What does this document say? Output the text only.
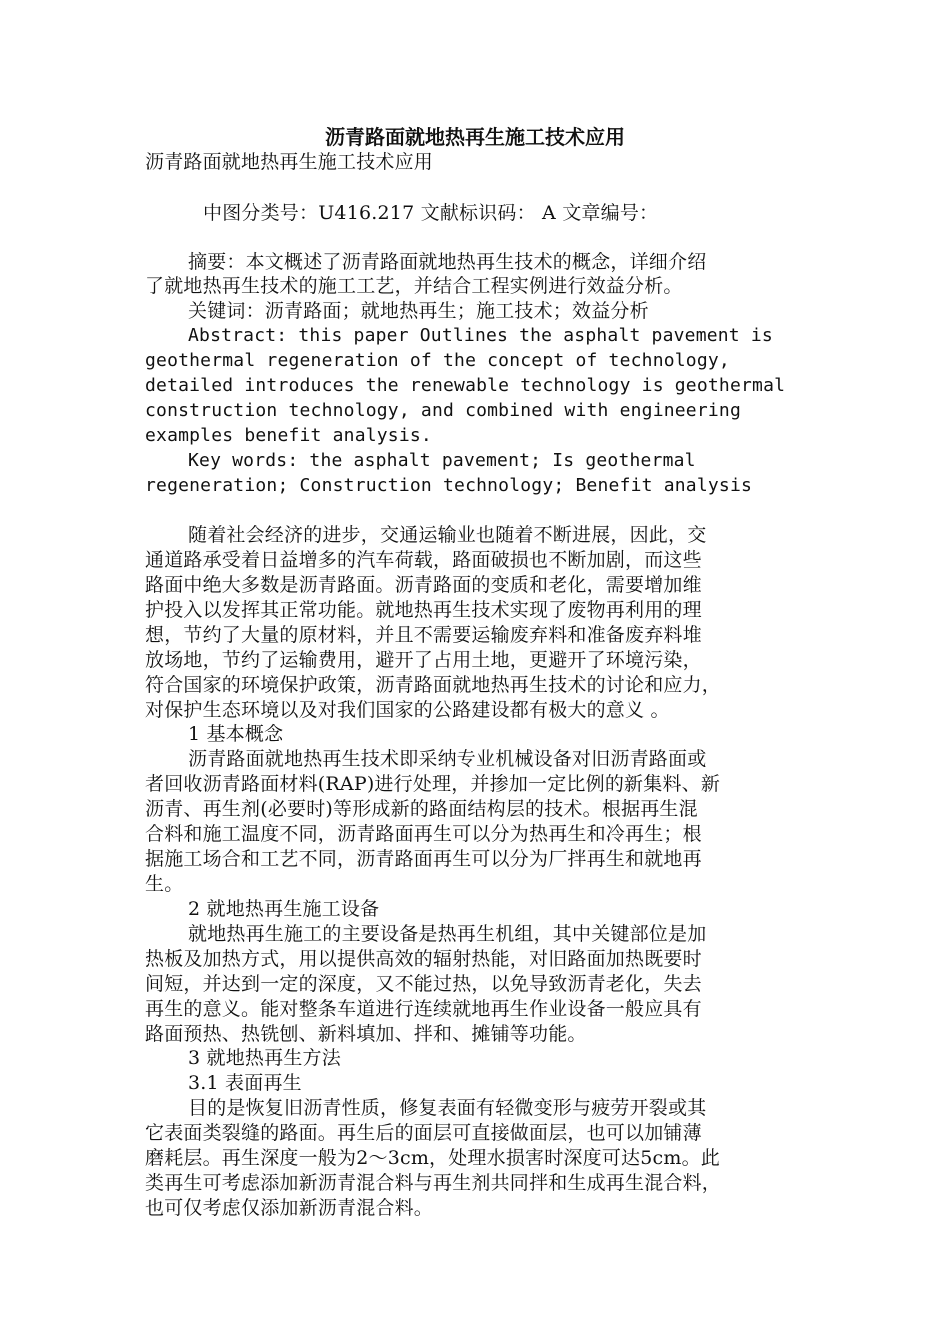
沥青路面就地热再生施工技术应用
沥青路面就地热再生施工技术应用
中图分类号：U416.217 文献标识码： A 文章编号：
摘要：本文概述了沥青路面就地热再生技术的概念，详细介绍
了就地热再生技术的施工工艺，并结合工程实例进行效益分析。
关键词：沥青路面；就地热再生；施工技术；效益分析
Abstract: this paper Outlines the asphalt pavement is
geothermal regeneration of the concept of technology,
detailed introduces the renewable technology is geothermal
construction technology, and combined with engineering
examples benefit analysis.
Key words: the asphalt pavement; Is geothermal
regeneration; Construction technology; Benefit analysis
随着社会经济的进步，交通运输业也随着不断进展，因此，交
通道路承受着日益增多的汽车荷载，路面破损也不断加剧，而这些
路面中绝大多数是沥青路面。沥青路面的变质和老化，需要增加维
护投入以发挥其正常功能。就地热再生技术实现了废物再利用的理
想，节约了大量的原材料，并且不需要运输废弃料和准备废弃料堆
放场地，节约了运输费用，避开了占用土地，更避开了环境污染，
符合国家的环境保护政策，沥青路面就地热再生技术的讨论和应力，
对保护生态环境以及对我们国家的公路建设都有极大的意义 。
1 基本概念
沥青路面就地热再生技术即采纳专业机械设备对旧沥青路面或
者回收沥青路面材料(RAP)进行处理，并掺加一定比例的新集料、新
沥青、再生剂(必要时)等形成新的路面结构层的技术。根据再生混
合料和施工温度不同，沥青路面再生可以分为热再生和冷再生；根
据施工场合和工艺不同，沥青路面再生可以分为厂拌再生和就地再
生。
2 就地热再生施工设备
就地热再生施工的主要设备是热再生机组，其中关键部位是加
热板及加热方式，用以提供高效的辐射热能，对旧路面加热既要时
间短，并达到一定的深度，又不能过热，以免导致沥青老化，失去
再生的意义。能对整条车道进行连续就地再生作业设备一般应具有
路面预热、热铣刨、新料填加、拌和、摊铺等功能。
3 就地热再生方法
3.1 表面再生
目的是恢复旧沥青性质，修复表面有轻微变形与疲劳开裂或其
它表面类裂缝的路面。再生后的面层可直接做面层，也可以加铺薄
磨耗层。再生深度一般为2～3cm，处理水损害时深度可达5cm。此
类再生可考虑添加新沥青混合料与再生剂共同拌和生成再生混合料，
也可仅考虑仅添加新沥青混合料。
